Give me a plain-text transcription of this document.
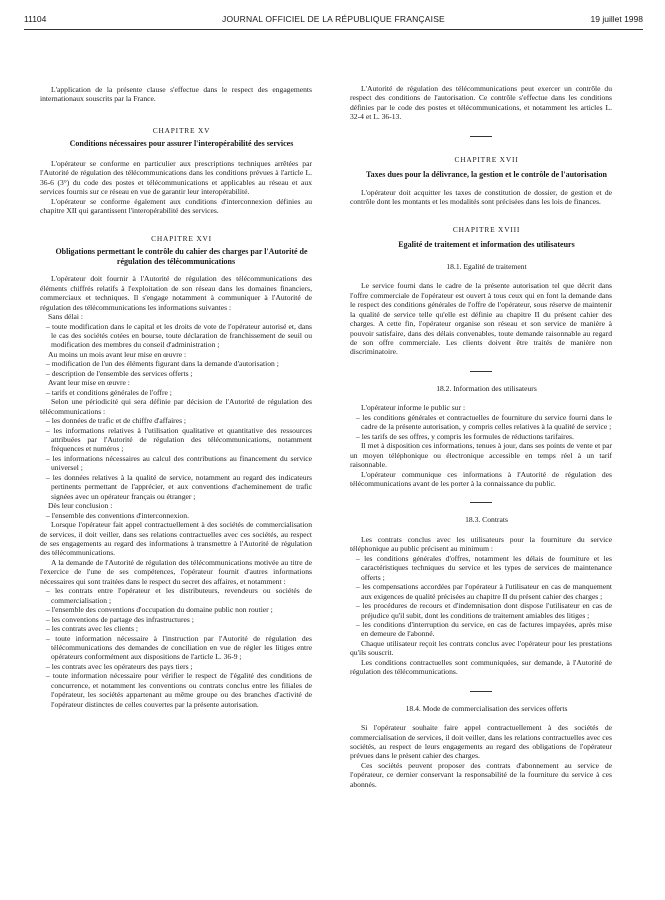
11104	JOURNAL OFFICIEL DE LA RÉPUBLIQUE FRANÇAISE	19 juillet 1998

L'application de la présente clause s'effectue dans le respect des engagements internationaux souscrits par la France.

CHAPITRE XV

Conditions nécessaires pour assurer l'interopérabilité des services

L'opérateur se conforme en particulier aux prescriptions techniques arrêtées par l'Autorité de régulation des télécommunications dans les conditions prévues à l'article L. 36-6 (3°) du code des postes et télécommunications et applicables au réseau et aux services fournis sur ce réseau en vue de garantir leur interopérabilité.

L'opérateur se conforme également aux conditions d'interconnexion définies au chapitre XII qui garantissent l'interopérabilité des services.

CHAPITRE XVI

Obligations permettant le contrôle du cahier des charges par l'Autorité de régulation des télécommunications

L'opérateur doit fournir à l'Autorité de régulation des télécommunications des éléments chiffrés relatifs à l'exploitation de son réseau dans les domaines financiers, commerciaux et techniques. Il s'engage notamment à communiquer à l'Autorité de régulation des télécommunications les informations suivantes :

Sans délai :

– toute modification dans le capital et les droits de vote de l'opérateur autorisé et, dans le cas des sociétés cotées en bourse, toute déclaration de franchissement de seuil ou modification des membres du conseil d'administration ;

Au moins un mois avant leur mise en œuvre :

– modification de l'un des éléments figurant dans la demande d'autorisation ;
– description de l'ensemble des services offerts ;

Avant leur mise en œuvre :

– tarifs et conditions générales de l'offre ;

Selon une périodicité qui sera définie par décision de l'Autorité de régulation des télécommunications :

– les données de trafic et de chiffre d'affaires ;
– les informations relatives à l'utilisation qualitative et quantitative des ressources attribuées par l'Autorité de régulation des télécommunications, notamment fréquences et numéros ;
– les informations nécessaires au calcul des contributions au financement du service universel ;
– les données relatives à la qualité de service, notamment au regard des indicateurs pertinents permettant de l'apprécier, et aux conventions d'acheminement de trafic signées avec un opérateur français ou étranger ;

Dès leur conclusion :

– l'ensemble des conventions d'interconnexion.

Lorsque l'opérateur fait appel contractuellement à des sociétés de commercialisation de services, il doit veiller, dans ses relations contractuelles avec ces sociétés, au respect de ses engagements au regard des informations à transmettre à l'Autorité de régulation des télécommunications.

A la demande de l'Autorité de régulation des télécommunications motivée au titre de l'exercice de l'une de ses compétences, l'opérateur fournit d'autres informations nécessaires qui sont traitées dans le respect du secret des affaires, et notamment :

– les contrats entre l'opérateur et les distributeurs, revendeurs ou sociétés de commercialisation ;
– l'ensemble des conventions d'occupation du domaine public non routier ;
– les conventions de partage des infrastructures ;
– les contrats avec les clients ;
– toute information nécessaire à l'instruction par l'Autorité de régulation des télécommunications des demandes de conciliation en vue de régler les litiges entre opérateurs conformément aux dispositions de l'article L. 36-9 ;
– les contrats avec les opérateurs des pays tiers ;
– toute information nécessaire pour vérifier le respect de l'égalité des conditions de concurrence, et notamment les conventions ou contrats conclus entre les filiales de l'opérateur, les sociétés appartenant au même groupe ou des branches d'activité de l'opérateur distinctes de celles couvertes par la présente autorisation.

L'Autorité de régulation des télécommunications peut exercer un contrôle du respect des conditions de l'autorisation. Ce contrôle s'effectue dans les conditions définies par le code des postes et télécommunications, et notamment les articles L. 32-4 et L. 36-13.

CHAPITRE XVII

Taxes dues pour la délivrance, la gestion et le contrôle de l'autorisation

L'opérateur doit acquitter les taxes de constitution de dossier, de gestion et de contrôle dont les montants et les modalités sont précisées dans les lois de finances.

CHAPITRE XVIII

Egalité de traitement et information des utilisateurs

18.1. Egalité de traitement

Le service fourni dans le cadre de la présente autorisation tel que décrit dans l'offre commerciale de l'opérateur est ouvert à tous ceux qui en font la demande dans le respect des conditions générales de l'offre de l'opérateur, sous réserve de maintenir la qualité de service telle qu'elle est définie au chapitre II du présent cahier des charges. A cette fin, l'opérateur organise son réseau et son service de manière à pouvoir satisfaire, dans des délais convenables, toute demande raisonnable au regard de son offre commerciale. Les clients doivent être traités de manière non discriminatoire.

18.2. Information des utilisateurs

L'opérateur informe le public sur :

– les conditions générales et contractuelles de fourniture du service fourni dans le cadre de la présente autorisation, y compris celles relatives à la qualité de service ;
– les tarifs de ses offres, y compris les formules de réductions tarifaires.

Il met à disposition ces informations, tenues à jour, dans ses points de vente et par un moyen téléphonique ou électronique accessible en temps réel à un tarif raisonnable.

L'opérateur communique ces informations à l'Autorité de régulation des télécommunications avant de les porter à la connaissance du public.

18.3. Contrats

Les contrats conclus avec les utilisateurs pour la fourniture du service téléphonique au public précisent au minimum :

– les conditions générales d'offres, notamment les délais de fourniture et les caractéristiques techniques du service et les types de services de maintenance offerts ;
– les compensations accordées par l'opérateur à l'utilisateur en cas de manquement aux exigences de qualité précisées au chapitre II du présent cahier des charges ;
– les procédures de recours et d'indemnisation dont dispose l'utilisateur en cas de préjudice qu'il subit, dont les conditions de traitement amiables des litiges ;
– les conditions d'interruption du service, en cas de factures impayées, après mise en demeure de l'abonné.

Chaque utilisateur reçoit les contrats conclus avec l'opérateur pour les prestations qu'ils souscrit.

Les conditions contractuelles sont communiquées, sur demande, à l'Autorité de régulation des télécommunications.

18.4. Mode de commercialisation des services offerts

Si l'opérateur souhaite faire appel contractuellement à des sociétés de commercialisation de services, il doit veiller, dans les relations contractuelles avec ces sociétés, au respect de leurs engagements au regard des obligations de l'opérateur prévues dans le présent cahier des charges.

Ces sociétés peuvent proposer des contrats d'abonnement au service de l'opérateur, ce dernier conservant la responsabilité de la fourniture du service à ces abonnés.
